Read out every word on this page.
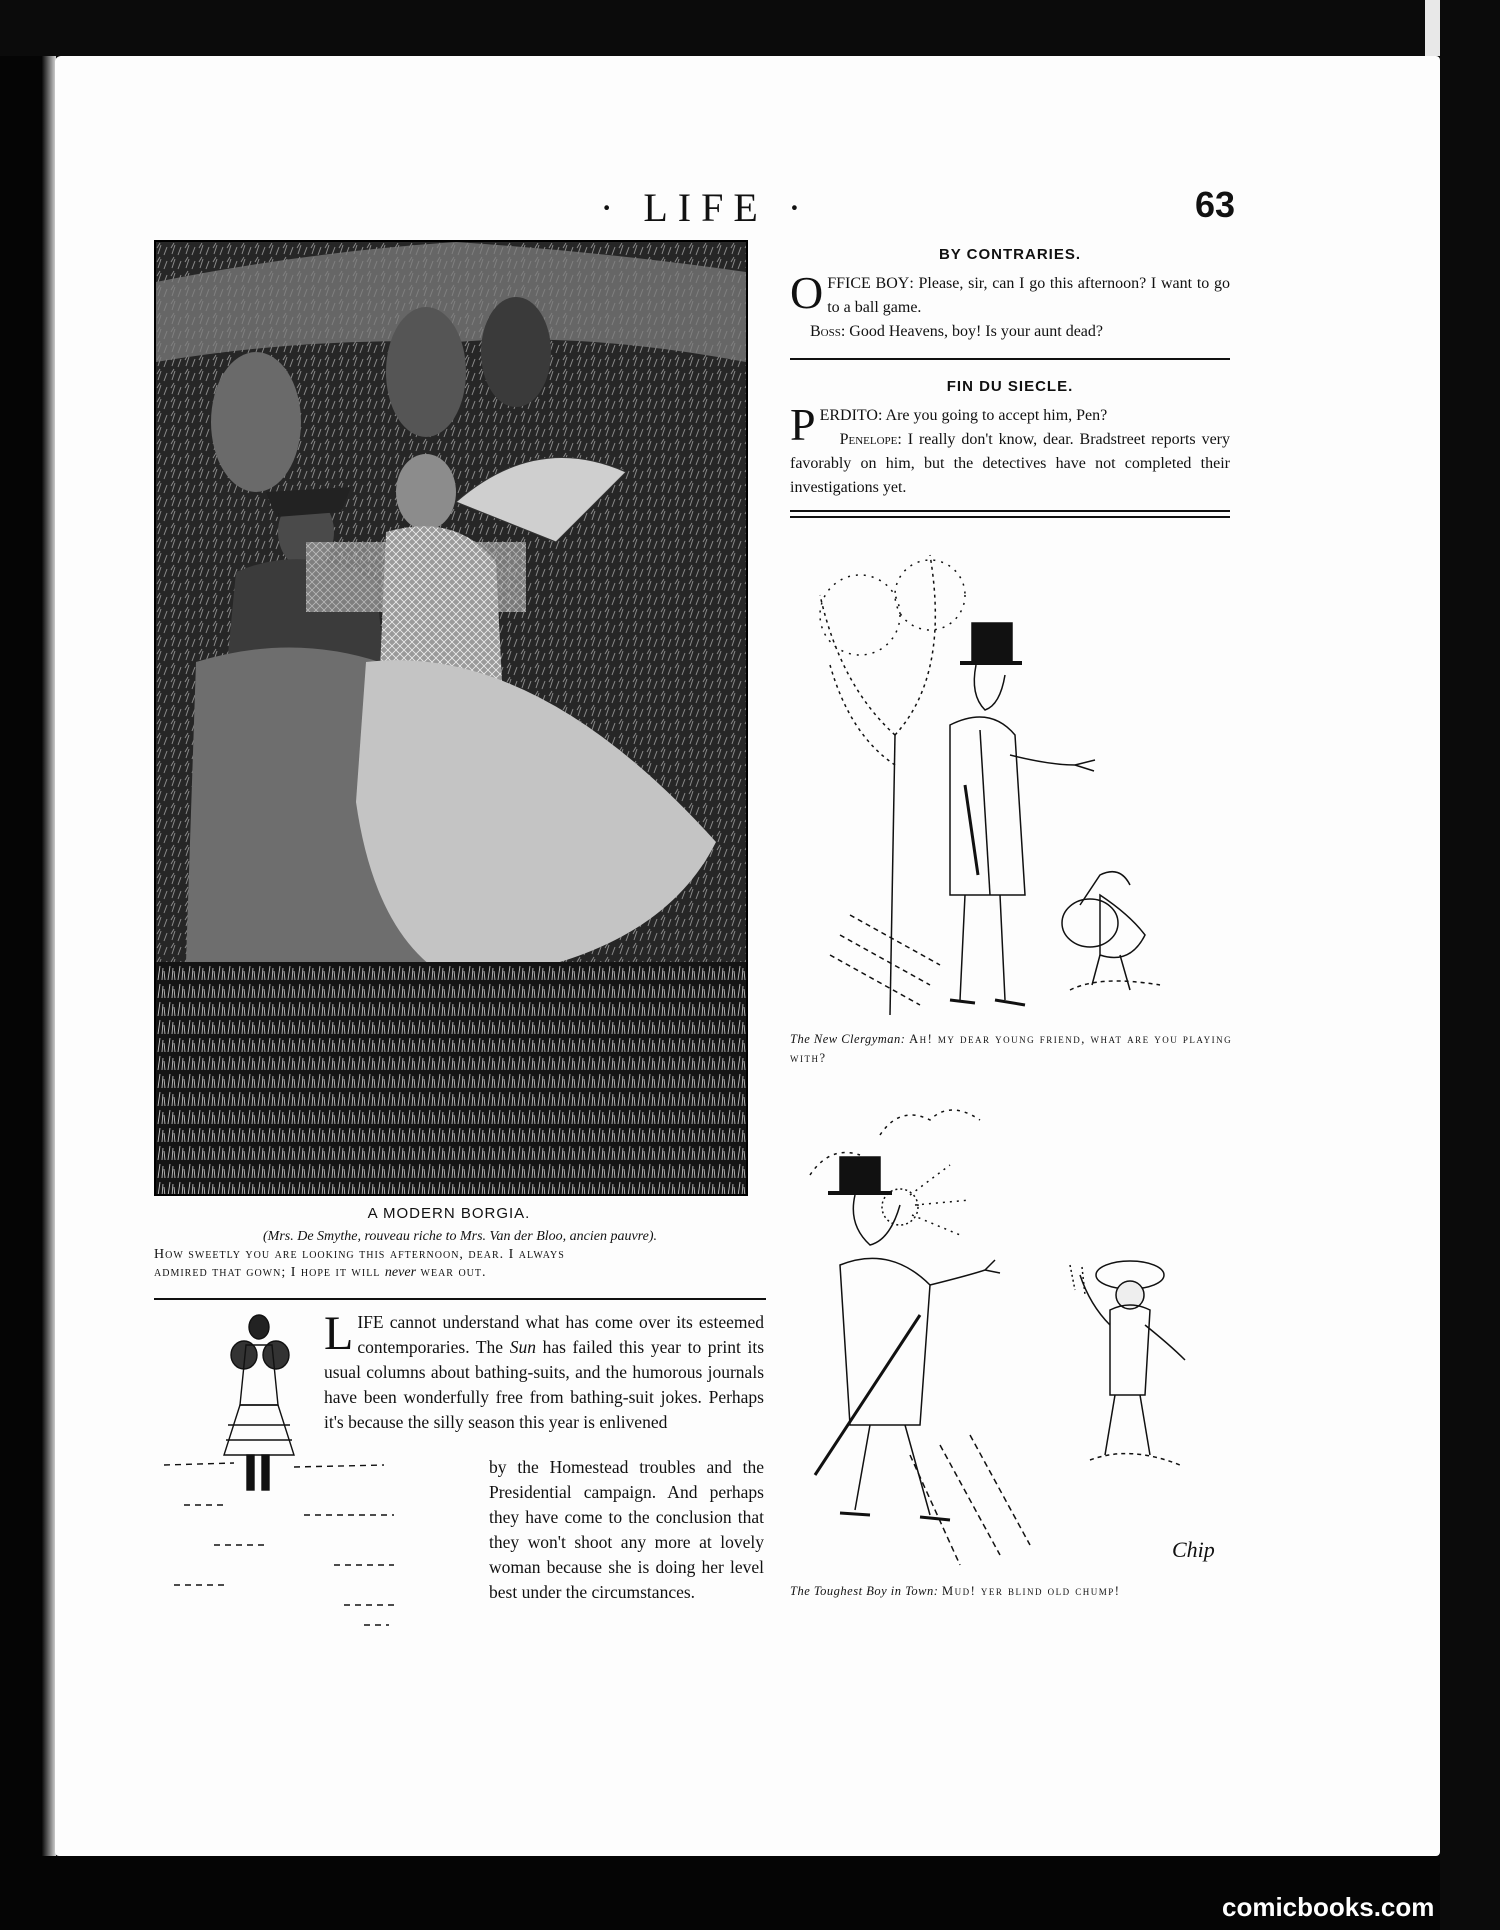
· LIFE ·	63
A MODERN BORGIA.
(Mrs. De Smythe, rouveau riche to Mrs. Van der Bloo, ancien pauvre).
How sweetly you are looking this afternoon, dear. I always
admired that gown; I hope it will never wear out.
LIFE cannot understand what has come over its esteemed contemporaries. The Sun has failed this year to print its usual columns about bathing-suits, and the humorous journals have been wonderfully free from bathing-suit jokes. Perhaps it's because the silly season this year is enlivened
by the Homestead troubles and the Presidential campaign. And perhaps they have come to the conclusion that they won't shoot any more at lovely woman because she is doing her level best under the circumstances.
BY CONTRARIES.
OFFICE BOY: Please, sir, can I go this afternoon? I want to go to a ball game.
Boss: Good Heavens, boy! Is your aunt dead?
FIN DU SIECLE.
PERDITO: Are you going to accept him, Pen?
Penelope: I really don't know, dear. Bradstreet reports very favorably on him, but the detectives have not completed their investigations yet.
The New Clergyman: Ah! my dear young friend, what are you playing with?
Chip
The Toughest Boy in Town: Mud! yer blind old chump!
comicbooks.com
